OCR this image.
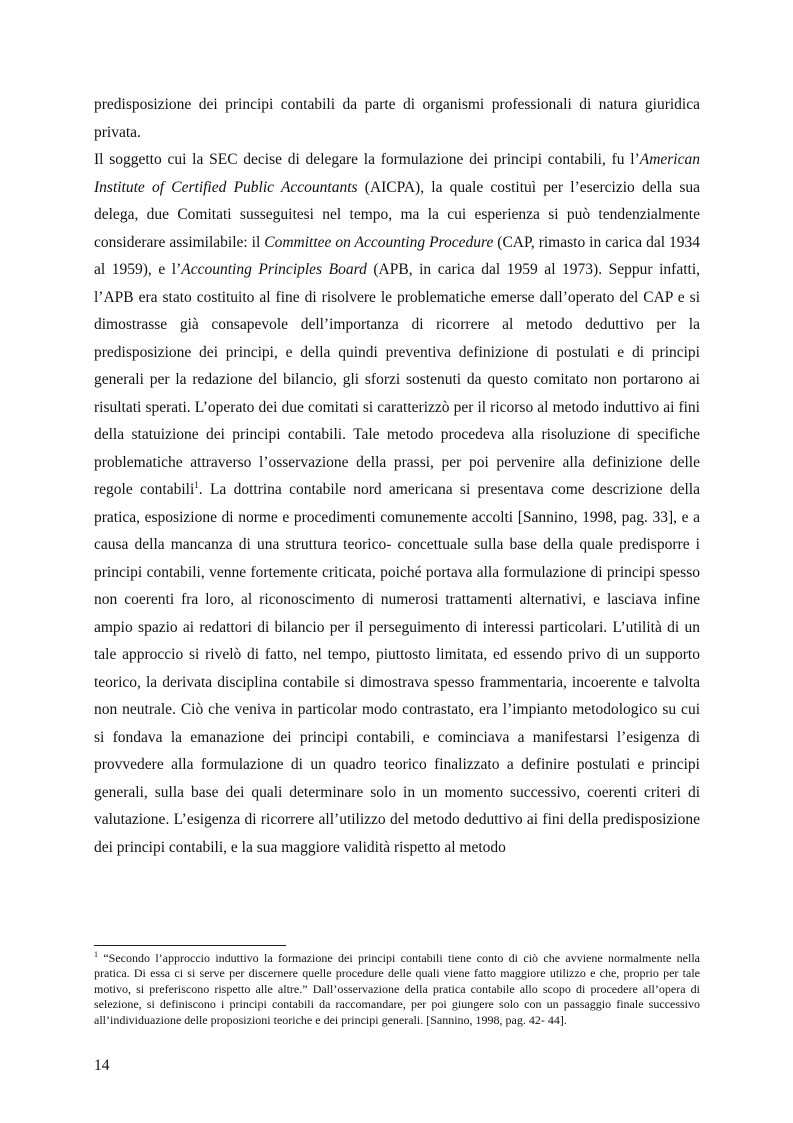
predisposizione dei principi contabili da parte di organismi professionali di natura giuridica privata.

Il soggetto cui la SEC decise di delegare la formulazione dei principi contabili, fu l’American Institute of Certified Public Accountants (AICPA), la quale costituì per l’esercizio della sua delega, due Comitati susseguitesi nel tempo, ma la cui esperienza si può tendenzialmente considerare assimilabile: il Committee on Accounting Procedure (CAP, rimasto in carica dal 1934 al 1959), e l’Accounting Principles Board (APB, in carica dal 1959 al 1973). Seppur infatti, l’APB era stato costituito al fine di risolvere le problematiche emerse dall’operato del CAP e si dimostrasse già consapevole dell’importanza di ricorrere al metodo deduttivo per la predisposizione dei principi, e della quindi preventiva definizione di postulati e di principi generali per la redazione del bilancio, gli sforzi sostenuti da questo comitato non portarono ai risultati sperati. L’operato dei due comitati si caratterizzò per il ricorso al metodo induttivo ai fini della statuizione dei principi contabili. Tale metodo procedeva alla risoluzione di specifiche problematiche attraverso l’osservazione della prassi, per poi pervenire alla definizione delle regole contabili$^1$. La dottrina contabile nord americana si presentava come descrizione della pratica, esposizione di norme e procedimenti comunemente accolti [Sannino, 1998, pag. 33], e a causa della mancanza di una struttura teorico- concettuale sulla base della quale predisporre i principi contabili, venne fortemente criticata, poiché portava alla formulazione di principi spesso non coerenti fra loro, al riconoscimento di numerosi trattamenti alternativi, e lasciava infine ampio spazio ai redattori di bilancio per il perseguimento di interessi particolari. L’utilità di un tale approccio si rivelò di fatto, nel tempo, piuttosto limitata, ed essendo privo di un supporto teorico, la derivata disciplina contabile si dimostrava spesso frammentaria, incoerente e talvolta non neutrale. Ciò che veniva in particolar modo contrastato, era l’impianto metodologico su cui si fondava la emanazione dei principi contabili, e cominciava a manifestarsi l’esigenza di provvedere alla formulazione di un quadro teorico finalizzato a definire postulati e principi generali, sulla base dei quali determinare solo in un momento successivo, coerenti criteri di valutazione. L’esigenza di ricorrere all’utilizzo del metodo deduttivo ai fini della predisposizione dei principi contabili, e la sua maggiore validità rispetto al metodo

$^1$ “Secondo l’approccio induttivo la formazione dei principi contabili tiene conto di ciò che avviene normalmente nella pratica. Di essa ci si serve per discernere quelle procedure delle quali viene fatto maggiore utilizzo e che, proprio per tale motivo, si preferiscono rispetto alle altre.” Dall’osservazione della pratica contabile allo scopo di procedere all’opera di selezione, si definiscono i principi contabili da raccomandare, per poi giungere solo con un passaggio finale successivo all’individuazione delle proposizioni teoriche e dei principi generali. [Sannino, 1998, pag. 42- 44].

14
